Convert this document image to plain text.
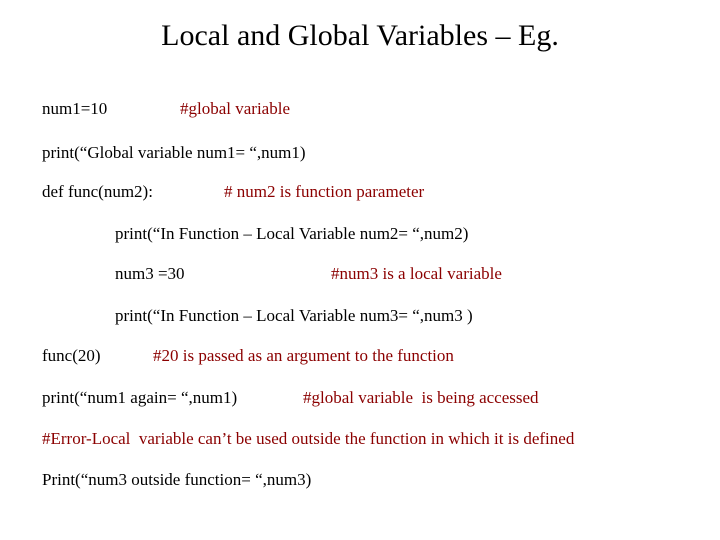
Local and Global Variables – Eg.
num1=10	#global variable
print(“Global variable num1= “,num1)
def func(num2):	# num2 is function parameter
print(“In Function – Local Variable num2= “,num2)
num3 =30	#num3 is a local variable
print(“In Function – Local Variable num3= “,num3 )
func(20)	#20 is passed as an argument to the function
print(“num1 again= “,num1)	#global variable  is being accessed
#Error-Local  variable can’t be used outside the function in which it is defined
Print(“num3 outside function= “,num3)
